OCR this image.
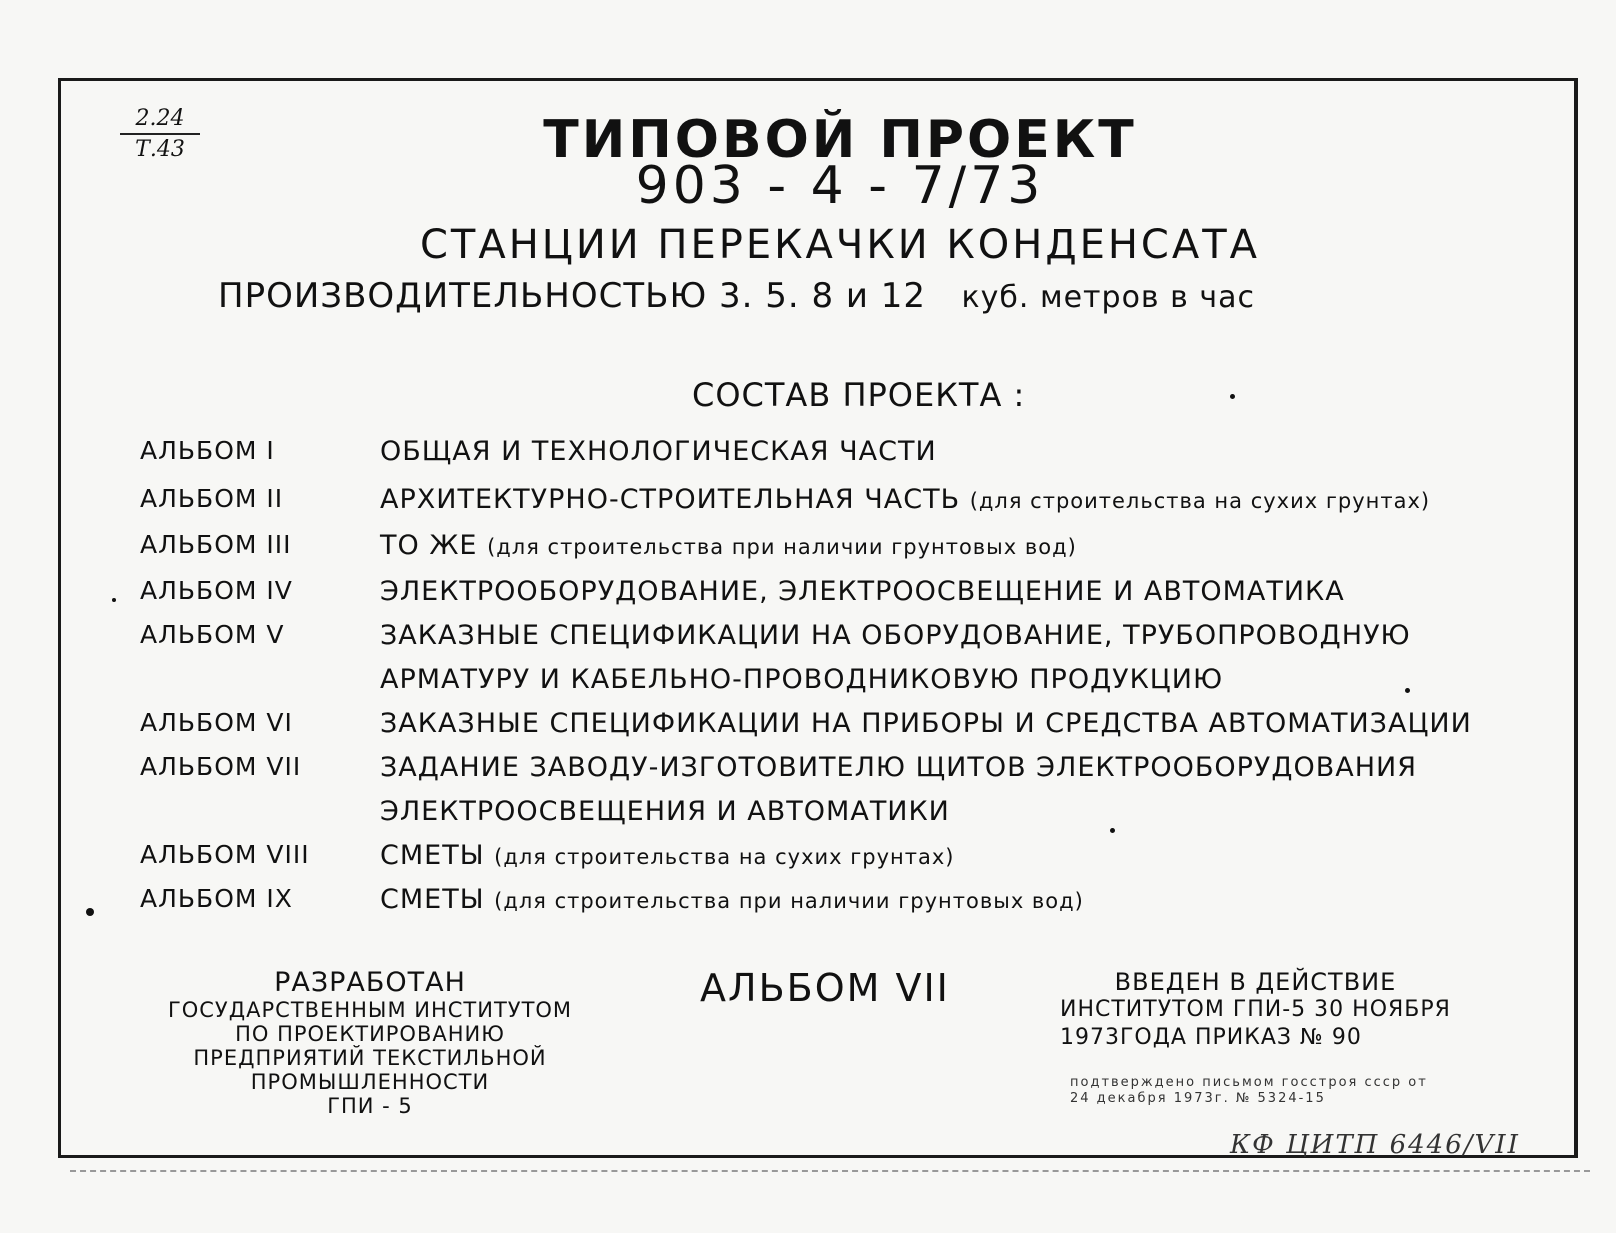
2.24
Т.43	ТИПОВОЙ ПРОЕКТ
903 - 4 - 7/73
СТАНЦИИ ПЕРЕКАЧКИ КОНДЕНСАТА
ПРОИЗВОДИТЕЛЬНОСТЬЮ 3. 5. 8 и 12 куб. метров в час
СОСТАВ ПРОЕКТА :
АЛЬБОМ I	ОБЩАЯ И ТЕХНОЛОГИЧЕСКАЯ ЧАСТИ
АЛЬБОМ II	АРХИТЕКТУРНО-СТРОИТЕЛЬНАЯ ЧАСТЬ (для строительства на сухих грунтах)
АЛЬБОМ III	ТО ЖЕ (для строительства при наличии грунтовых вод)
АЛЬБОМ IV	ЭЛЕКТРООБОРУДОВАНИЕ, ЭЛЕКТРООСВЕЩЕНИЕ И АВТОМАТИКА
АЛЬБОМ V	ЗАКАЗНЫЕ СПЕЦИФИКАЦИИ НА ОБОРУДОВАНИЕ, ТРУБОПРОВОДНУЮ
АРМАТУРУ И КАБЕЛЬНО-ПРОВОДНИКОВУЮ ПРОДУКЦИЮ
АЛЬБОМ VI	ЗАКАЗНЫЕ СПЕЦИФИКАЦИИ НА ПРИБОРЫ И СРЕДСТВА АВТОМАТИЗАЦИИ
АЛЬБОМ VII	ЗАДАНИЕ ЗАВОДУ-ИЗГОТОВИТЕЛЮ ЩИТОВ ЭЛЕКТРООБОРУДОВАНИЯ
ЭЛЕКТРООСВЕЩЕНИЯ И АВТОМАТИКИ
АЛЬБОМ VIII	СМЕТЫ (для строительства на сухих грунтах)
АЛЬБОМ IX	СМЕТЫ (для строительства при наличии грунтовых вод)
РАЗРАБОТАН
ГОСУДАРСТВЕННЫМ ИНСТИТУТОМ
ПО ПРОЕКТИРОВАНИЮ
ПРЕДПРИЯТИЙ ТЕКСТИЛЬНОЙ
ПРОМЫШЛЕННОСТИ
ГПИ - 5
АЛЬБОМ VII	ВВЕДЕН В ДЕЙСТВИЕ
ИНСТИТУТОМ ГПИ-5 30 НОЯБРЯ
1973ГОДА ПРИКАЗ № 90
подтверждено письмом госстроя ссср от
24 декабря 1973г. № 5324-15
КФ ЦИТП 6446/VII
